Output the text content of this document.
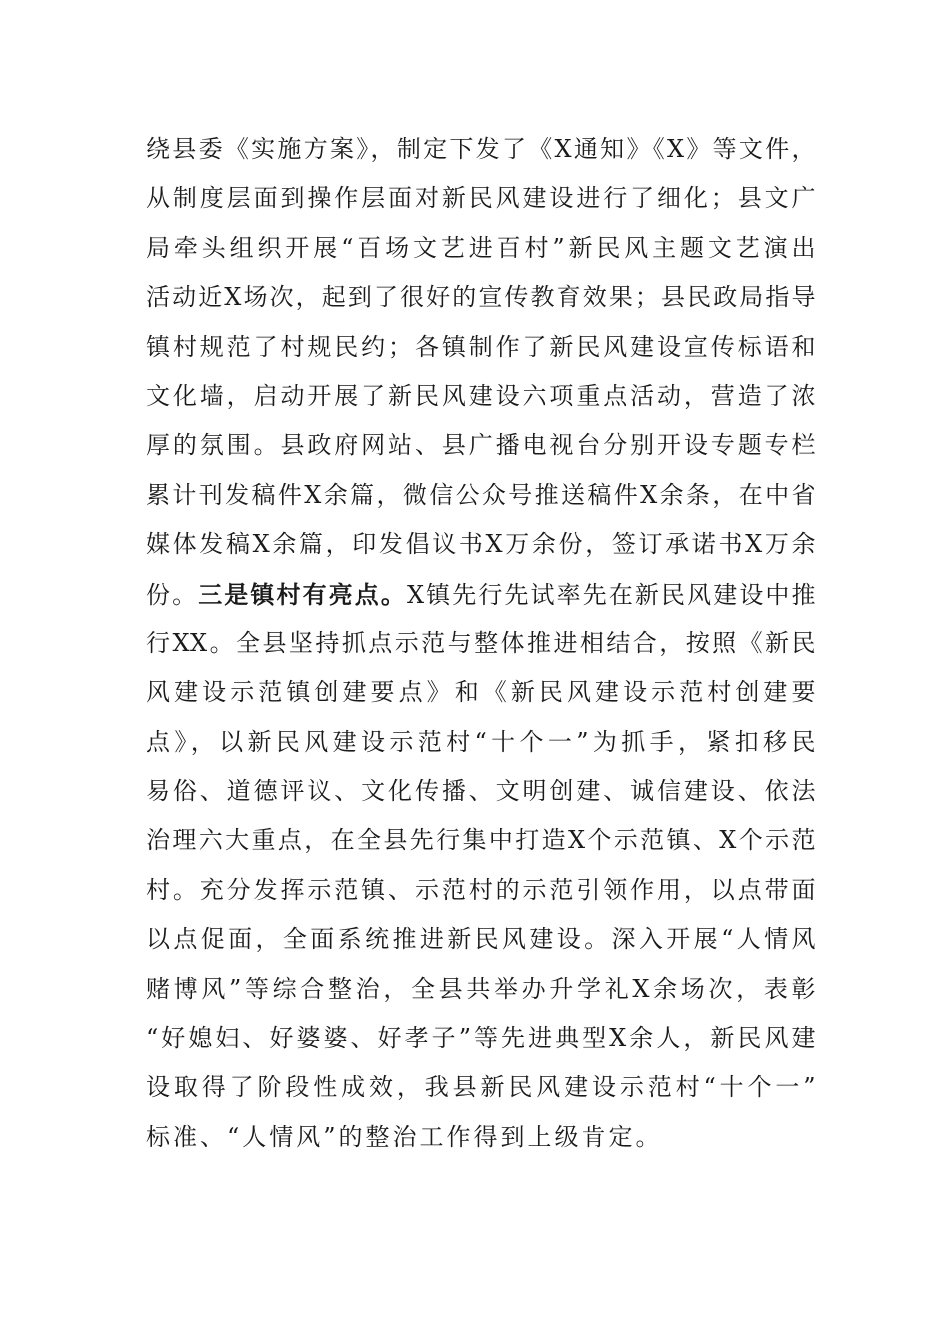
绕县委《实施方案》，制定下发了《X通知》《X》等文件，
从制度层面到操作层面对新民风建设进行了细化；县文广
局牵头组织开展“百场文艺进百村”新民风主题文艺演出
活动近X场次，起到了很好的宣传教育效果；县民政局指导
镇村规范了村规民约；各镇制作了新民风建设宣传标语和
文化墙，启动开展了新民风建设六项重点活动，营造了浓
厚的氛围。县政府网站、县广播电视台分别开设专题专栏
累计刊发稿件X余篇，微信公众号推送稿件X余条，在中省
媒体发稿X余篇，印发倡议书X万余份，签订承诺书X万余
份。三是镇村有亮点。X镇先行先试率先在新民风建设中推
行XX。全县坚持抓点示范与整体推进相结合，按照《新民
风建设示范镇创建要点》和《新民风建设示范村创建要
点》，以新民风建设示范村“十个一”为抓手，紧扣移民
易俗、道德评议、文化传播、文明创建、诚信建设、依法
治理六大重点，在全县先行集中打造X个示范镇、X个示范
村。充分发挥示范镇、示范村的示范引领作用，以点带面
以点促面，全面系统推进新民风建设。深入开展“人情风
赌博风”等综合整治，全县共举办升学礼X余场次，表彰
“好媳妇、好婆婆、好孝子”等先进典型X余人，新民风建
设取得了阶段性成效，我县新民风建设示范村“十个一”
标准、“人情风”的整治工作得到上级肯定。
